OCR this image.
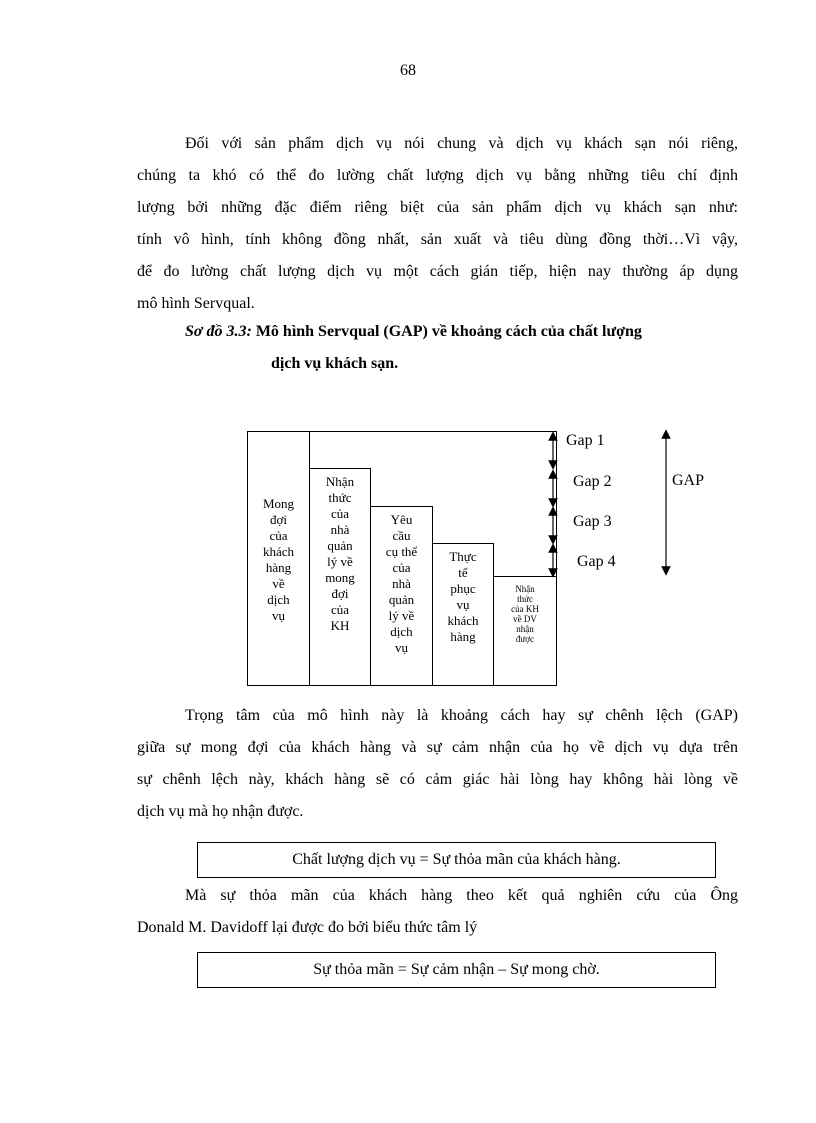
68
Đối với sản phẩm dịch vụ nói chung và dịch vụ khách sạn nói riêng,
chúng ta khó có thể đo lường chất lượng dịch vụ bằng những tiêu chí định
lượng bởi những đặc điểm riêng biệt của sản phẩm dịch vụ khách sạn như:
tính vô hình, tính không đồng nhất, sản xuất và tiêu dùng đồng thời…Vì vậy,
để đo lường chất lượng dịch vụ một cách gián tiếp, hiện nay thường áp dụng
mô hình Servqual.
Sơ đồ 3.3: Mô hình Servqual (GAP) về khoảng cách của chất lượng
dịch vụ khách sạn.
Mong
đợi
của
khách
hàng
về
dịch
vụ
Nhận
thức
của
nhà
quản
lý về
mong
đợi
của
KH
Yêu
cầu
cụ thể
của
nhà
quản
lý về
dịch
vụ
Thực
tế
phục
vụ
khách
hàng
Nhận
thức
của KH
về DV
nhận
được
Gap 1
Gap 2
Gap 3
Gap 4
GAP
Trọng tâm của mô hình này là khoảng cách hay sự chênh lệch (GAP)
giữa sự mong đợi của khách hàng và sự cảm nhận của họ về dịch vụ dựa trên
sự chênh lệch này, khách hàng sẽ có cảm giác hài lòng hay không hài lòng về
dịch vụ mà họ nhận được.
Chất lượng dịch vụ = Sự thỏa mãn của khách hàng.
Mà sự thỏa mãn của khách hàng theo kết quả nghiên cứu của Ông
Donald M. Davidoff lại được đo bởi biểu thức tâm lý
Sự thỏa mãn = Sự cảm nhận – Sự mong chờ.
